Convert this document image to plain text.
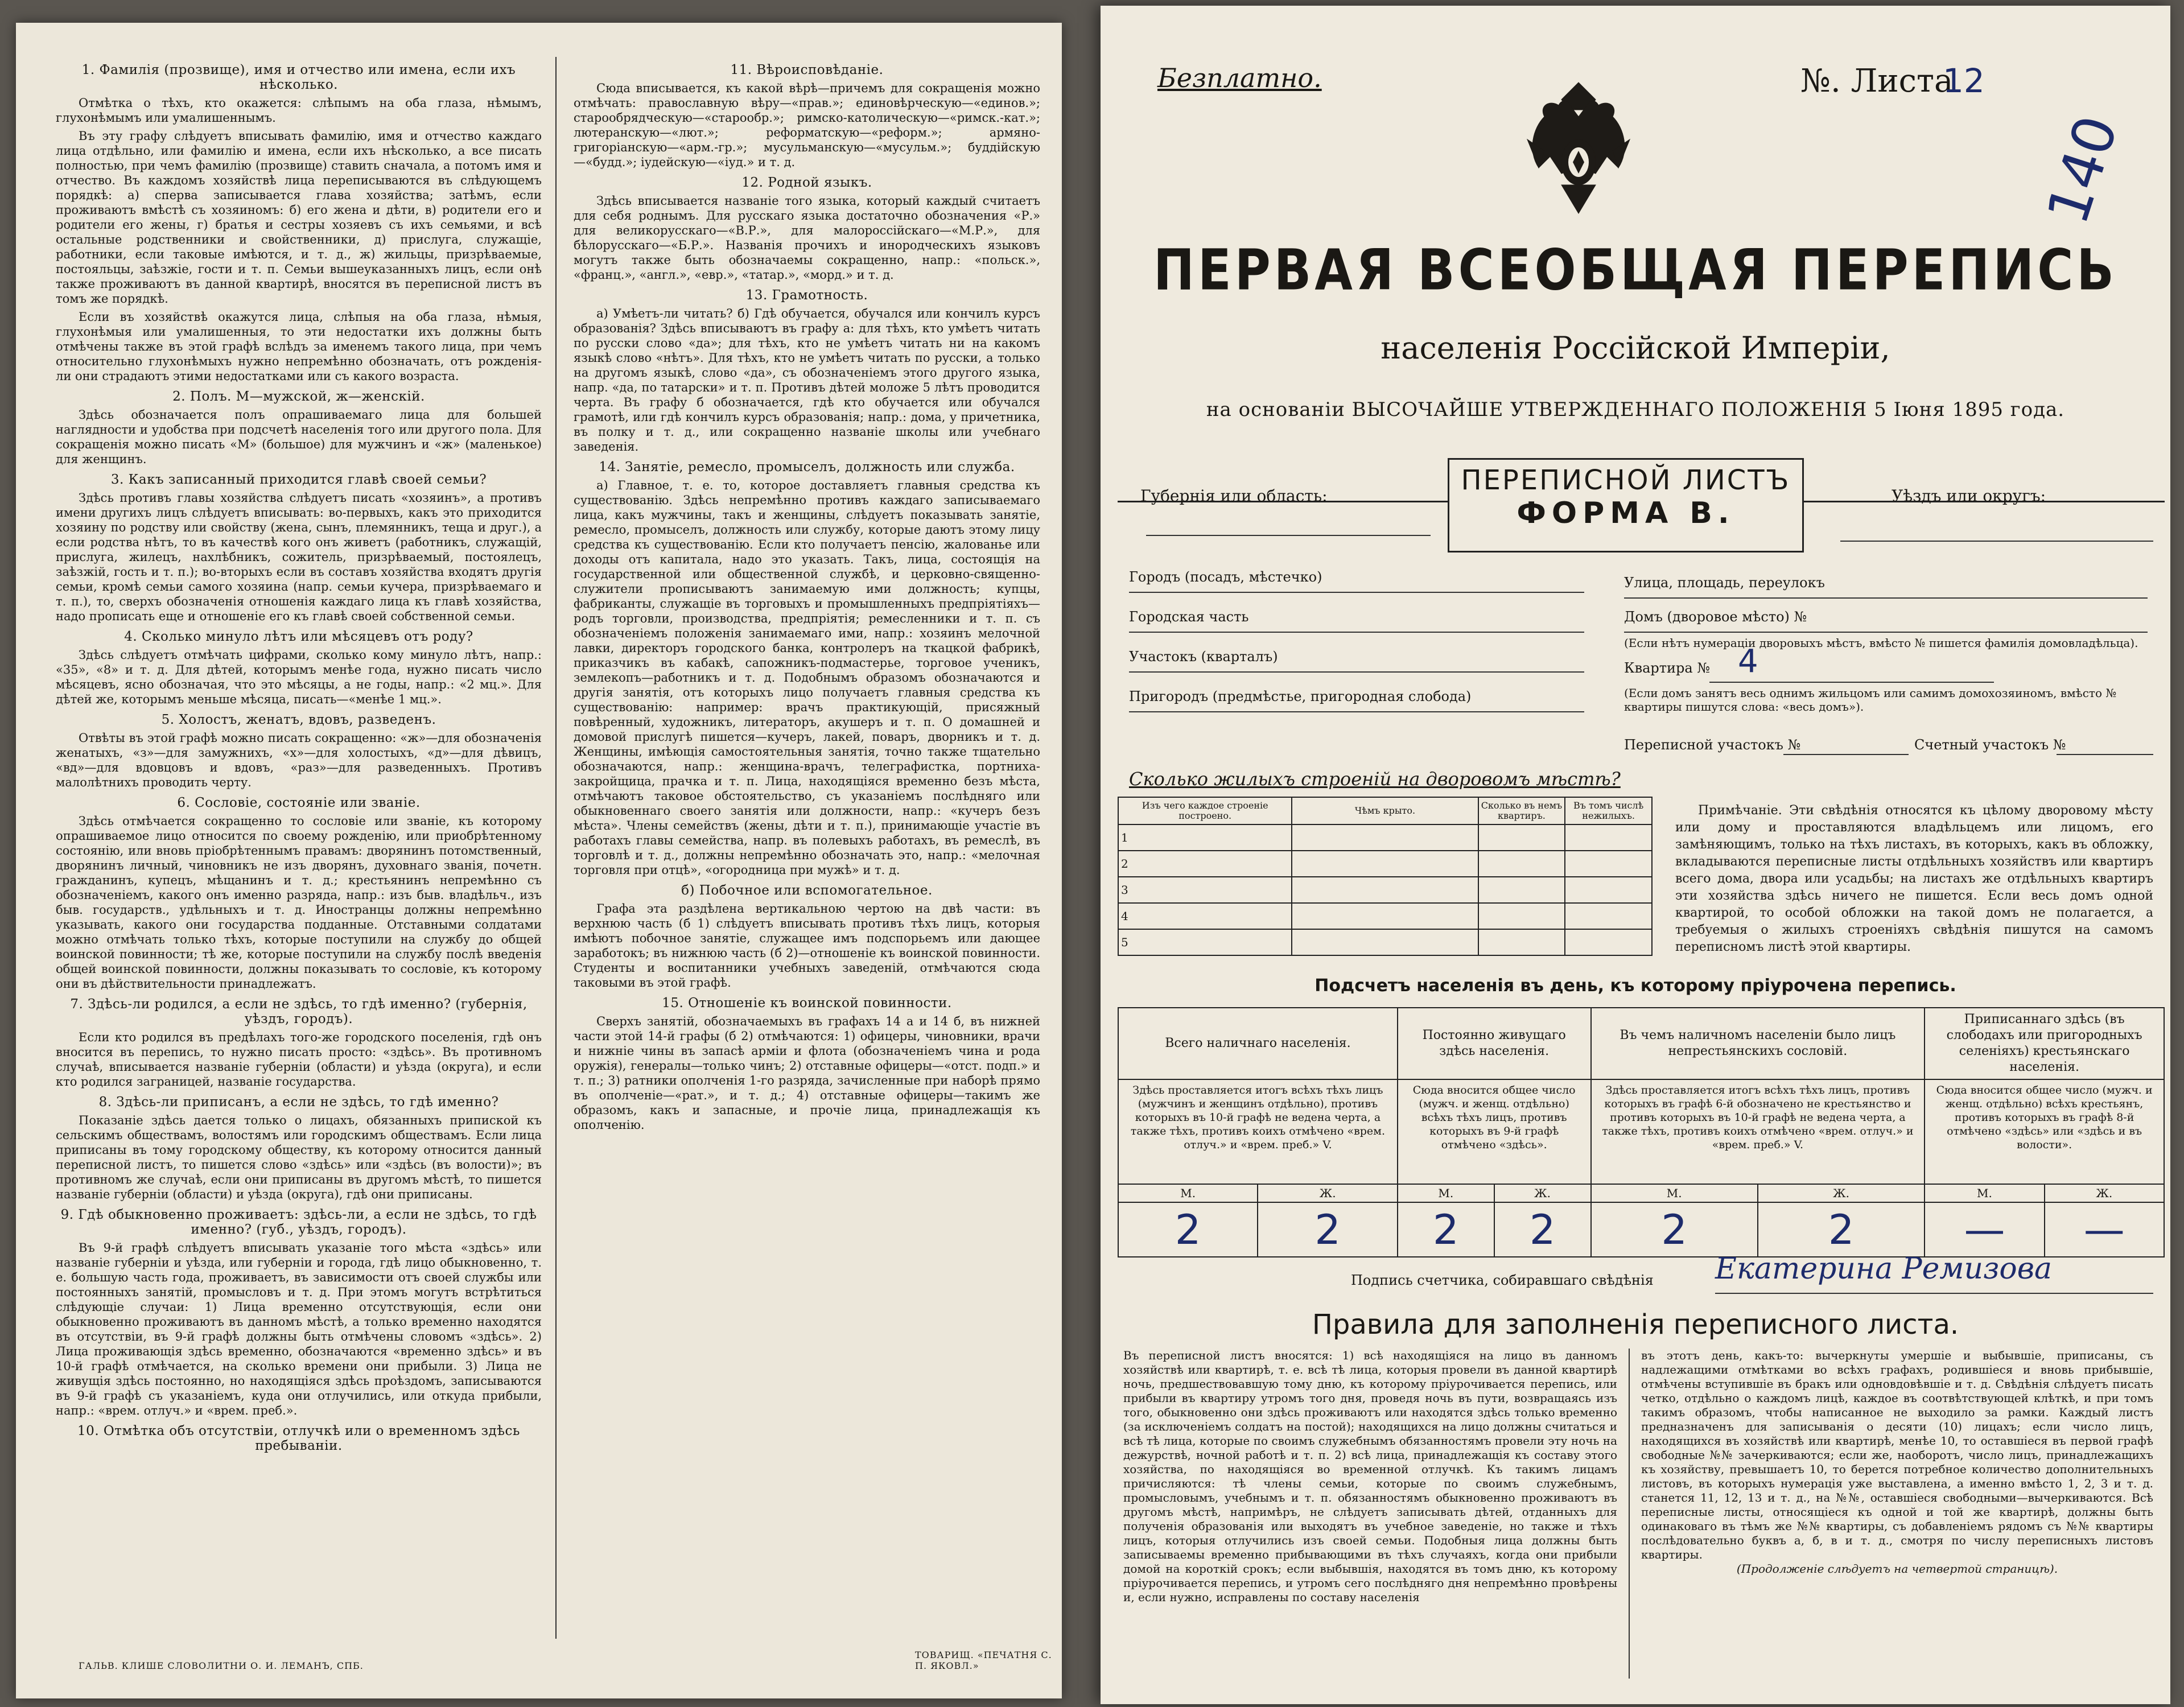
1. Фамилія (прозвище), имя и отчество или имена, если ихъ нѣсколько.
Отмѣтка о тѣхъ, кто окажется: слѣпымъ на оба глаза, нѣмымъ, глухонѣмымъ или умалишеннымъ.
Въ эту графу слѣдуетъ вписывать фамилію, имя и отчество каждаго лица отдѣльно, или фамилію и имена, если ихъ нѣсколько, а все писать полностью, при чемъ фамилію (прозвище) ставить сначала, а потомъ имя и отчество. Въ каждомъ хозяйствѣ лица переписываются въ слѣдующемъ порядкѣ: а) сперва записывается глава хозяйства; затѣмъ, если проживаютъ вмѣстѣ съ хозяиномъ: б) его жена и дѣти, в) родители его и родители его жены, г) братья и сестры хозяевъ съ ихъ семьями, и всѣ остальные родственники и свойственники, д) прислуга, служащіе, работники, если таковые имѣются, и т. д., ж) жильцы, призрѣваемые, постояльцы, заѣзжіе, гости и т. п. Семьи вышеуказанныхъ лицъ, если онѣ также проживаютъ въ данной квартирѣ, вносятся въ переписной листъ въ томъ же порядкѣ.
Если въ хозяйствѣ окажутся лица, слѣпыя на оба глаза, нѣмыя, глухонѣмыя или умалишенныя, то эти недостатки ихъ должны быть отмѣчены также въ этой графѣ вслѣдъ за именемъ такого лица, при чемъ относительно глухонѣмыхъ нужно непремѣнно обозначать, отъ рожденія-ли они страдаютъ этими недостатками или съ какого возраста.
2. Полъ. М—мужской, ж—женскій.
Здѣсь обозначается полъ опрашиваемаго лица для большей наглядности и удобства при подсчетѣ населенія того или другого пола. Для сокращенія можно писать «М» (большое) для мужчинъ и «ж» (маленькое) для женщинъ.
3. Какъ записанный приходится главѣ своей семьи?
Здѣсь противъ главы хозяйства слѣдуетъ писать «хозяинъ», а противъ имени другихъ лицъ слѣдуетъ вписывать: во-первыхъ, какъ это приходится хозяину по родству или свойству (жена, сынъ, племянникъ, теща и друг.), а если родства нѣтъ, то въ качествѣ кого онъ живетъ (работникъ, служащій, прислуга, жилецъ, нахлѣбникъ, сожитель, призрѣваемый, постоялецъ, заѣзжій, гость и т. п.); во-вторыхъ если въ составъ хозяйства входятъ другія семьи, кромѣ семьи самого хозяина (напр. семьи кучера, призрѣваемаго и т. п.), то, сверхъ обозначенія отношенія каждаго лица къ главѣ хозяйства, надо прописать еще и отношеніе его къ главѣ своей собственной семьи.
4. Сколько минуло лѣтъ или мѣсяцевъ отъ роду?
Здѣсь слѣдуетъ отмѣчать цифрами, сколько кому минуло лѣтъ, напр.: «35», «8» и т. д. Для дѣтей, которымъ менѣе года, нужно писать число мѣсяцевъ, ясно обозначая, что это мѣсяцы, а не годы, напр.: «2 мц.». Для дѣтей же, которымъ меньше мѣсяца, писать—«менѣе 1 мц.».
5. Холостъ, женатъ, вдовъ, разведенъ.
Отвѣты въ этой графѣ можно писать сокращенно: «ж»—для обозначенія женатыхъ, «з»—для замужнихъ, «х»—для холостыхъ, «д»—для дѣвицъ, «вд»—для вдовцовъ и вдовъ, «раз»—для разведенныхъ. Противъ малолѣтнихъ проводить черту.
6. Сословіе, состояніе или званіе.
Здѣсь отмѣчается сокращенно то сословіе или званіе, къ которому опрашиваемое лицо относится по своему рожденію, или приобрѣтенному состоянію, или вновь пріобрѣтеннымъ правамъ: дворянинъ потомственный, дворянинъ личный, чиновникъ не изъ дворянъ, духовнаго званія, почетн. гражданинъ, купецъ, мѣщанинъ и т. д.; крестьянинъ непремѣнно съ обозначеніемъ, какого онъ именно разряда, напр.: изъ быв. владѣльч., изъ быв. государств., удѣльныхъ и т. д. Иностранцы должны непремѣнно указывать, какого они государства подданные. Отставными солдатами можно отмѣчать только тѣхъ, которые поступили на службу до общей воинской повинности; тѣ же, которые поступили на службу послѣ введенія общей воинской повинности, должны показывать то сословіе, къ которому они въ дѣйствительности принадлежатъ.
7. Здѣсь-ли родился, а если не здѣсь, то гдѣ именно? (губернія, уѣздъ, городъ).
Если кто родился въ предѣлахъ того-же городского поселенія, гдѣ онъ вносится въ перепись, то нужно писать просто: «здѣсь». Въ противномъ случаѣ, вписывается названіе губерніи (области) и уѣзда (округа), и если кто родился заграницей, названіе государства.
8. Здѣсь-ли приписанъ, а если не здѣсь, то гдѣ именно?
Показаніе здѣсь дается только о лицахъ, обязанныхъ припиской къ сельскимъ обществамъ, волостямъ или городскимъ обществамъ. Если лица приписаны въ тому городскому обществу, къ которому относится данный переписной листъ, то пишется слово «здѣсь» или «здѣсь (въ волости)»; въ противномъ же случаѣ, если они приписаны въ другомъ мѣстѣ, то пишется названіе губерніи (области) и уѣзда (округа), гдѣ они приписаны.
9. Гдѣ обыкновенно проживаетъ: здѣсь-ли, а если не здѣсь, то гдѣ именно? (губ., уѣздъ, городъ).
Въ 9-й графѣ слѣдуетъ вписывать указаніе того мѣста «здѣсь» или названіе губерніи и уѣзда, или губерніи и города, гдѣ лицо обыкновенно, т. е. большую часть года, проживаетъ, въ зависимости отъ своей службы или постоянныхъ занятій, промысловъ и т. д. При этомъ могутъ встрѣтиться слѣдующіе случаи: 1) Лица временно отсутствующія, если они обыкновенно проживаютъ въ данномъ мѣстѣ, а только временно находятся въ отсутствіи, въ 9-й графѣ должны быть отмѣчены словомъ «здѣсь». 2) Лица проживающія здѣсь временно, обозначаются «временно здѣсь» и въ 10-й графѣ отмѣчается, на сколько времени они прибыли. 3) Лица не живущія здѣсь постоянно, но находящіяся здѣсь проѣздомъ, записываются въ 9-й графѣ съ указаніемъ, куда они отлучились, или откуда прибыли, напр.: «врем. отлуч.» и «врем. преб.».
10. Отмѣтка объ отсутствіи, отлучкѣ или о временномъ здѣсь пребываніи.
11. Вѣроисповѣданіе.
Сюда вписывается, къ какой вѣрѣ—причемъ для сокращенія можно отмѣчать: православную вѣру—«прав.»; единовѣрческую—«единов.»; старообрядческую—«старообр.»; римско-католическую—«римск.-кат.»; лютеранскую—«лют.»; реформатскую—«реформ.»; армяно-григоріанскую—«арм.-гр.»; мусульманскую—«мусульм.»; буддійскую—«будд.»; іудейскую—«іуд.» и т. д.
12. Родной языкъ.
Здѣсь вписывается названіе того языка, который каждый считаетъ для себя роднымъ. Для русскаго языка достаточно обозначения «Р.» для великорусскаго—«В.Р.», для малороссійскаго—«М.Р.», для бѣлорусскаго—«Б.Р.». Названія прочихъ и инородческихъ языковъ могутъ также быть обозначаемы сокращенно, напр.: «польск.», «франц.», «англ.», «евр.», «татар.», «морд.» и т. д.
13. Грамотность.
а) Умѣетъ-ли читать? б) Гдѣ обучается, обучался или кончилъ курсъ образованія? Здѣсь вписываютъ въ графу а: для тѣхъ, кто умѣетъ читать по русски слово «да»; для тѣхъ, кто не умѣетъ читать ни на какомъ языкѣ слово «нѣтъ». Для тѣхъ, кто не умѣетъ читать по русски, а только на другомъ языкѣ, слово «да», съ обозначеніемъ этого другого языка, напр. «да, по татарски» и т. п. Противъ дѣтей моложе 5 лѣтъ проводится черта. Въ графу б обозначается, гдѣ кто обучается или обучался грамотѣ, или гдѣ кончилъ курсъ образованія; напр.: дома, у причетника, въ полку и т. д., или сокращенно названіе школы или учебнаго заведенія.
14. Занятіе, ремесло, промыселъ, должность или служба.
а) Главное, т. е. то, которое доставляетъ главныя средства къ существованію. Здѣсь непремѣнно противъ каждаго записываемаго лица, какъ мужчины, такъ и женщины, слѣдуетъ показывать занятіе, ремесло, промыселъ, должность или службу, которые даютъ этому лицу средства къ существованію. Если кто получаетъ пенсію, жалованье или доходы отъ капитала, надо это указать. Такъ, лица, состоящія на государственной или общественной службѣ, и церковно-священно-служители прописываютъ занимаемую ими должность; купцы, фабриканты, служащіе въ торговыхъ и промышленныхъ предпріятіяхъ—родъ торговли, производства, предпріятія; ремесленники и т. п. съ обозначеніемъ положенія занимаемаго ими, напр.: хозяинъ мелочной лавки, директоръ городского банка, контролеръ на ткацкой фабрикѣ, приказчикъ въ кабакѣ, сапожникъ-подмастерье, торговое ученикъ, землекопъ—работникъ и т. д. Подобнымъ образомъ обозначаются и другія занятія, отъ которыхъ лицо получаетъ главныя средства къ существованію: например: врачъ практикующій, присяжный повѣренный, художникъ, литераторъ, акушеръ и т. п. О домашней и домовой прислугѣ пишется—кучеръ, лакей, поваръ, дворникъ и т. д. Женщины, имѣющія самостоятельныя занятія, точно также тщательно обозначаются, напр.: женщина-врачъ, телеграфистка, портниха-закройщица, прачка и т. п. Лица, находящіяся временно безъ мѣста, отмѣчаютъ таковое обстоятельство, съ указаніемъ послѣдняго или обыкновеннаго своего занятія или должности, напр.: «кучеръ безъ мѣста». Члены семействъ (жены, дѣти и т. п.), принимающіе участіе въ работахъ главы семейства, напр. въ полевыхъ работахъ, въ ремеслѣ, въ торговлѣ и т. д., должны непремѣнно обозначать это, напр.: «мелочная торговля при отцѣ», «огородница при мужѣ» и т. д.
б) Побочное или вспомогательное.
Графа эта раздѣлена вертикальною чертою на двѣ части: въ верхнюю часть (б 1) слѣдуетъ вписывать противъ тѣхъ лицъ, которыя имѣютъ побочное занятіе, служащее имъ подспорьемъ или дающее заработокъ; въ нижнюю часть (б 2)—отношеніе къ воинской повинности. Студенты и воспитанники учебныхъ заведеній, отмѣчаются сюда таковыми въ этой графѣ.
15. Отношеніе къ воинской повинности.
Сверхъ занятій, обозначаемыхъ въ графахъ 14 а и 14 б, въ нижней части этой 14-й графы (б 2) отмѣчаются: 1) офицеры, чиновники, врачи и нижніе чины въ запасѣ арміи и флота (обозначеніемъ чина и рода оружія), генералы—только чинъ; 2) отставные офицеры—«отст. подп.» и т. п.; 3) ратники ополченія 1-го разряда, зачисленные при наборѣ прямо въ ополченіе—«рат.», и т. д.; 4) отставные офицеры—такимъ же образомъ, какъ и запасные, и прочіе лица, принадлежащія къ ополченію.
ГАЛЬВ. КЛИШЕ СЛОВОЛИТНИ О. И. ЛЕМАНЪ, СПБ.
ТОВАРИЩ. «ПЕЧАТНЯ С. П. ЯКОВЛ.»
Безплатно.	№. Листа
12
140
ПЕРВАЯ ВСЕОБЩАЯ ПЕРЕПИСЬ
населенія Россійской Имперіи,
на основаніи ВЫСОЧАЙШЕ УТВЕРЖДЕННАГО ПОЛОЖЕНІЯ 5 Іюня 1895 года.
Губернія или область:	ПЕРЕПИСНОЙ ЛИСТЪ
ФОРМА В.
Уѣздъ или округъ:
Городъ (посадъ, мѣстечко)
Городская часть
Участокъ (кварталъ)
Пригородъ (предмѣстье, пригородная слобода)
Улица, площадь, переулокъ
Домъ (дворовое мѣсто) №
(Если нѣтъ нумераціи дворовыхъ мѣстъ, вмѣсто № пишется фамилія домовладѣльца).
Квартира № 4
(Если домъ занятъ весь однимъ жильцомъ или самимъ домохозяиномъ, вмѣсто № квартиры пишутся слова: «весь домъ»).
Переписной участокъ №	Счетный участокъ №
Сколько жилыхъ строеній на дворовомъ мѣстѣ?
Изъ чего каждое строеніе построено.	Чѣмъ крыто.	Сколько въ немъ квартиръ.	Въ томъ числѣ нежилыхъ.
1			
2			
3			
4			
5			
Примѣчаніе. Эти свѣдѣнія относятся къ цѣлому дворовому мѣсту или дому и проставляются владѣльцемъ или лицомъ, его замѣняющимъ, только на тѣхъ листахъ, въ которыхъ, какъ въ обложку, вкладываются переписные листы отдѣльныхъ хозяйствъ или квартиръ всего дома, двора или усадьбы; на листахъ же отдѣльныхъ квартиръ эти хозяйства здѣсь ничего не пишется. Если весь домъ одной квартирой, то особой обложки на такой домъ не полагается, а требуемыя о жилыхъ строеніяхъ свѣдѣнія пишутся на самомъ переписномъ листѣ этой квартиры.
Подсчетъ населенія въ день, къ которому пріурочена перепись.
Всего наличнаго населенія.		Постоянно живущаго здѣсь населенія.		Въ чемъ наличномъ населеніи было лицъ непрестьянскихъ сословій.		Приписаннаго здѣсь (въ слободахъ или пригородныхъ селеніяхъ) крестьянскаго населенія.	
Здѣсь проставляется итогъ всѣхъ тѣхъ лицъ (мужчинъ и женщинъ отдѣльно), противъ которыхъ въ 10-й графѣ не ведена черта, а также тѣхъ, противъ коихъ отмѣчено «врем. отлуч.» и «врем. преб.» V.		Сюда вносится общее число (мужч. и женщ. отдѣльно) всѣхъ тѣхъ лицъ, противъ которыхъ въ 9-й графѣ отмѣчено «здѣсь».		Здѣсь проставляется итогъ всѣхъ тѣхъ лицъ, противъ которыхъ въ графѣ 6-й обозначено не крестьянство и противъ которыхъ въ 10-й графѣ не ведена черта, а также тѣхъ, противъ коихъ отмѣчено «врем. отлуч.» и «врем. преб.» V.		Сюда вносится общее число (мужч. и женщ. отдѣльно) всѣхъ крестьянъ, противъ которыхъ въ графѣ 8-й отмѣчено «здѣсь» или «здѣсь и въ волости».	
М.	Ж.	М.	Ж.	М.	Ж.	М.	Ж.
2	2	2	2	2	2	—	—
Подпись счетчика, собиравшаго свѣдѣнія Екатерина Ремизова
Правила для заполненія переписного листа.
Въ переписной листъ вносятся: 1) всѣ находящіяся на лицо въ данномъ хозяйствѣ или квартирѣ, т. е. всѣ тѣ лица, которыя провели въ данной квартирѣ ночь, предшествовавшую тому дню, къ которому пріурочивается перепись, или прибыли въ квартиру утромъ того дня, проведя ночь въ пути, возвращаясь изъ того, обыкновенно они здѣсь проживаютъ или находятся здѣсь только временно (за исключеніемъ солдатъ на постой); находящихся на лицо должны считаться и всѣ тѣ лица, которые по своимъ служебнымъ обязанностямъ провели эту ночь на дежурствѣ, ночной работѣ и т. п. 2) всѣ лица, принадлежащія къ составу этого хозяйства, по находящіяся во временной отлучкѣ. Къ такимъ лицамъ причисляются: тѣ члены семьи, которые по своимъ служебнымъ, промысловымъ, учебнымъ и т. п. обязанностямъ обыкновенно проживаютъ въ другомъ мѣстѣ, напримѣръ, не слѣдуетъ записывать дѣтей, отданныхъ для полученія образованія или выходятъ въ учебное заведеніе, но также и тѣхъ лицъ, которыя отлучились изъ своей семьи. Подобныя лица должны быть записываемы временно прибывающими въ тѣхъ случаяхъ, когда они прибыли домой на короткій срокъ; если выбывшія, находятся въ томъ дню, къ которому пріурочивается перепись, и утромъ сего послѣдняго дня непремѣнно провѣрены и, если нужно, исправлены по составу населенія
въ этотъ день, какъ-то: вычеркнуты умершіе и выбывшіе, приписаны, съ надлежащими отмѣтками во всѣхъ графахъ, родившіеся и вновь прибывшіе, отмѣчены вступившіе въ бракъ или одновдовѣвшіе и т. д. Свѣдѣнія слѣдуетъ писать четко, отдѣльно о каждомъ лицѣ, каждое въ соотвѣтствующей клѣткѣ, и при томъ такимъ образомъ, чтобы написанное не выходило за рамки. Каждый листъ предназначенъ для записыванія о десяти (10) лицахъ; если число лицъ, находящихся въ хозяйствѣ или квартирѣ, менѣе 10, то оставшіеся въ первой графѣ свободные №№ зачеркиваются; если же, наоборотъ, число лицъ, принадлежащихъ къ хозяйству, превышаетъ 10, то берется потребное количество дополнительныхъ листовъ, въ которыхъ нумерація уже выставлена, а именно вмѣсто 1, 2, 3 и т. д. станется 11, 12, 13 и т. д., на №№, оставшіеся свободными—вычеркиваются. Всѣ переписные листы, относящіеся къ одной и той же квартирѣ, должны быть одинаковаго въ тѣмъ же №№ квартиры, съ добавленіемъ рядомъ съ №№ квартиры послѣдовательно буквъ а, б, в и т. д., смотря по числу переписныхъ листовъ квартиры.
(Продолженіе слѣдуетъ на четвертой страницѣ).
